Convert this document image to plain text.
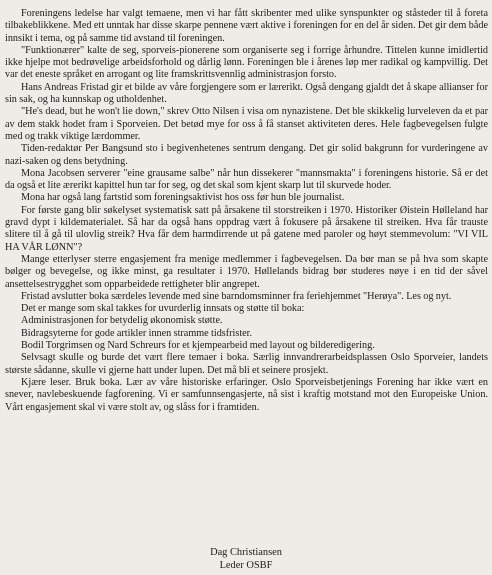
Foreningens ledelse har valgt temaene, men vi har fått skribenter med ulike synspunkter og ståsteder til å foreta tilbakeblikkene. Med ett unntak har disse skarpe pennene vært aktive i foreningen for en del år siden. Det gir dem både innsikt i tema, og på samme tid avstand til foreningen.

"Funktionærer" kalte de seg, sporveis-pionerene som organiserte seg i forrige århundre. Tittelen kunne imidlertid ikke hjelpe mot bedrøvelige arbeidsforhold og dårlig lønn. Foreningen ble i årenes løp mer radikal og kampvillig. Det var det eneste språket en arrogant og lite framskrittsvennlig administrasjon forsto.

Hans Andreas Fristad gir et bilde av våre forgjengere som er lærerikt. Også dengang gjaldt det å skape allianser for sin sak, og ha kunnskap og utholdenhet.

"He's dead, but he won't lie down," skrev Otto Nilsen i visa om nynazistene. Det ble skikkelig lurveleven da et par av dem stakk hodet fram i Sporveien. Det betød mye for oss å få stanset aktiviteten deres. Hele fagbevegelsen fulgte med og trakk viktige lærdommer.

Tiden-redaktør Per Bangsund sto i begivenhetenes sentrum dengang. Det gir solid bakgrunn for vurderingene av nazi-saken og dens betydning.

Mona Jacobsen serverer "eine grausame salbe" når hun dissekerer "mannsmakta" i foreningens historie. Så er det da også et lite ærerikt kapittel hun tar for seg, og det skal som kjent skarp lut til skurvede hoder.

Mona har også lang fartstid som foreningsaktivist hos oss før hun ble journalist.

For første gang blir søkelyset systematisk satt på årsakene til storstreiken i 1970. Historiker Øistein Hølleland har gravd dypt i kildematerialet. Så har da også hans oppdrag vært å fokusere på årsakene til streiken. Hva får trauste slitere til å gå til ulovlig streik? Hva får dem harmdirrende ut på gatene med paroler og høyt stemmevolum: "VI VIL HA VÅR LØNN"?

Mange etterlyser sterre engasjement fra menige medlemmer i fagbevegelsen. Da bør man se på hva som skapte bølger og bevegelse, og ikke minst, ga resultater i 1970. Høllelands bidrag bør studeres nøye i en tid der såvel ansettelsestrygghet som opparbeidede rettigheter blir angrepet.

Fristad avslutter boka særdeles levende med sine barndomsminner fra feriehjemmet "Herøya". Les og nyt.

Det er mange som skal takkes for uvurderlig innsats og støtte til boka:

Administrasjonen for betydelig økonomisk støtte.

Bidragsyterne for gode artikler innen stramme tidsfrister.

Bodil Torgrimsen og Nard Schreurs for et kjempearbeid med layout og bilderedigering.

Selvsagt skulle og burde det vært flere temaer i boka. Særlig innvandrerarbeidsplassen Oslo Sporveier, landets største sådanne, skulle vi gjerne hatt under lupen. Det må bli et seinere prosjekt.

Kjære leser. Bruk boka. Lær av våre historiske erfaringer. Oslo Sporveisbetjenings Forening har ikke vært en snever, navlebeskuende fagforening. Vi er samfunnsengasjerte, nå sist i kraftig motstand mot den Europeiske Union. Vårt engasjement skal vi være stolt av, og slåss for i framtiden.

Dag Christiansen
Leder OSBF
